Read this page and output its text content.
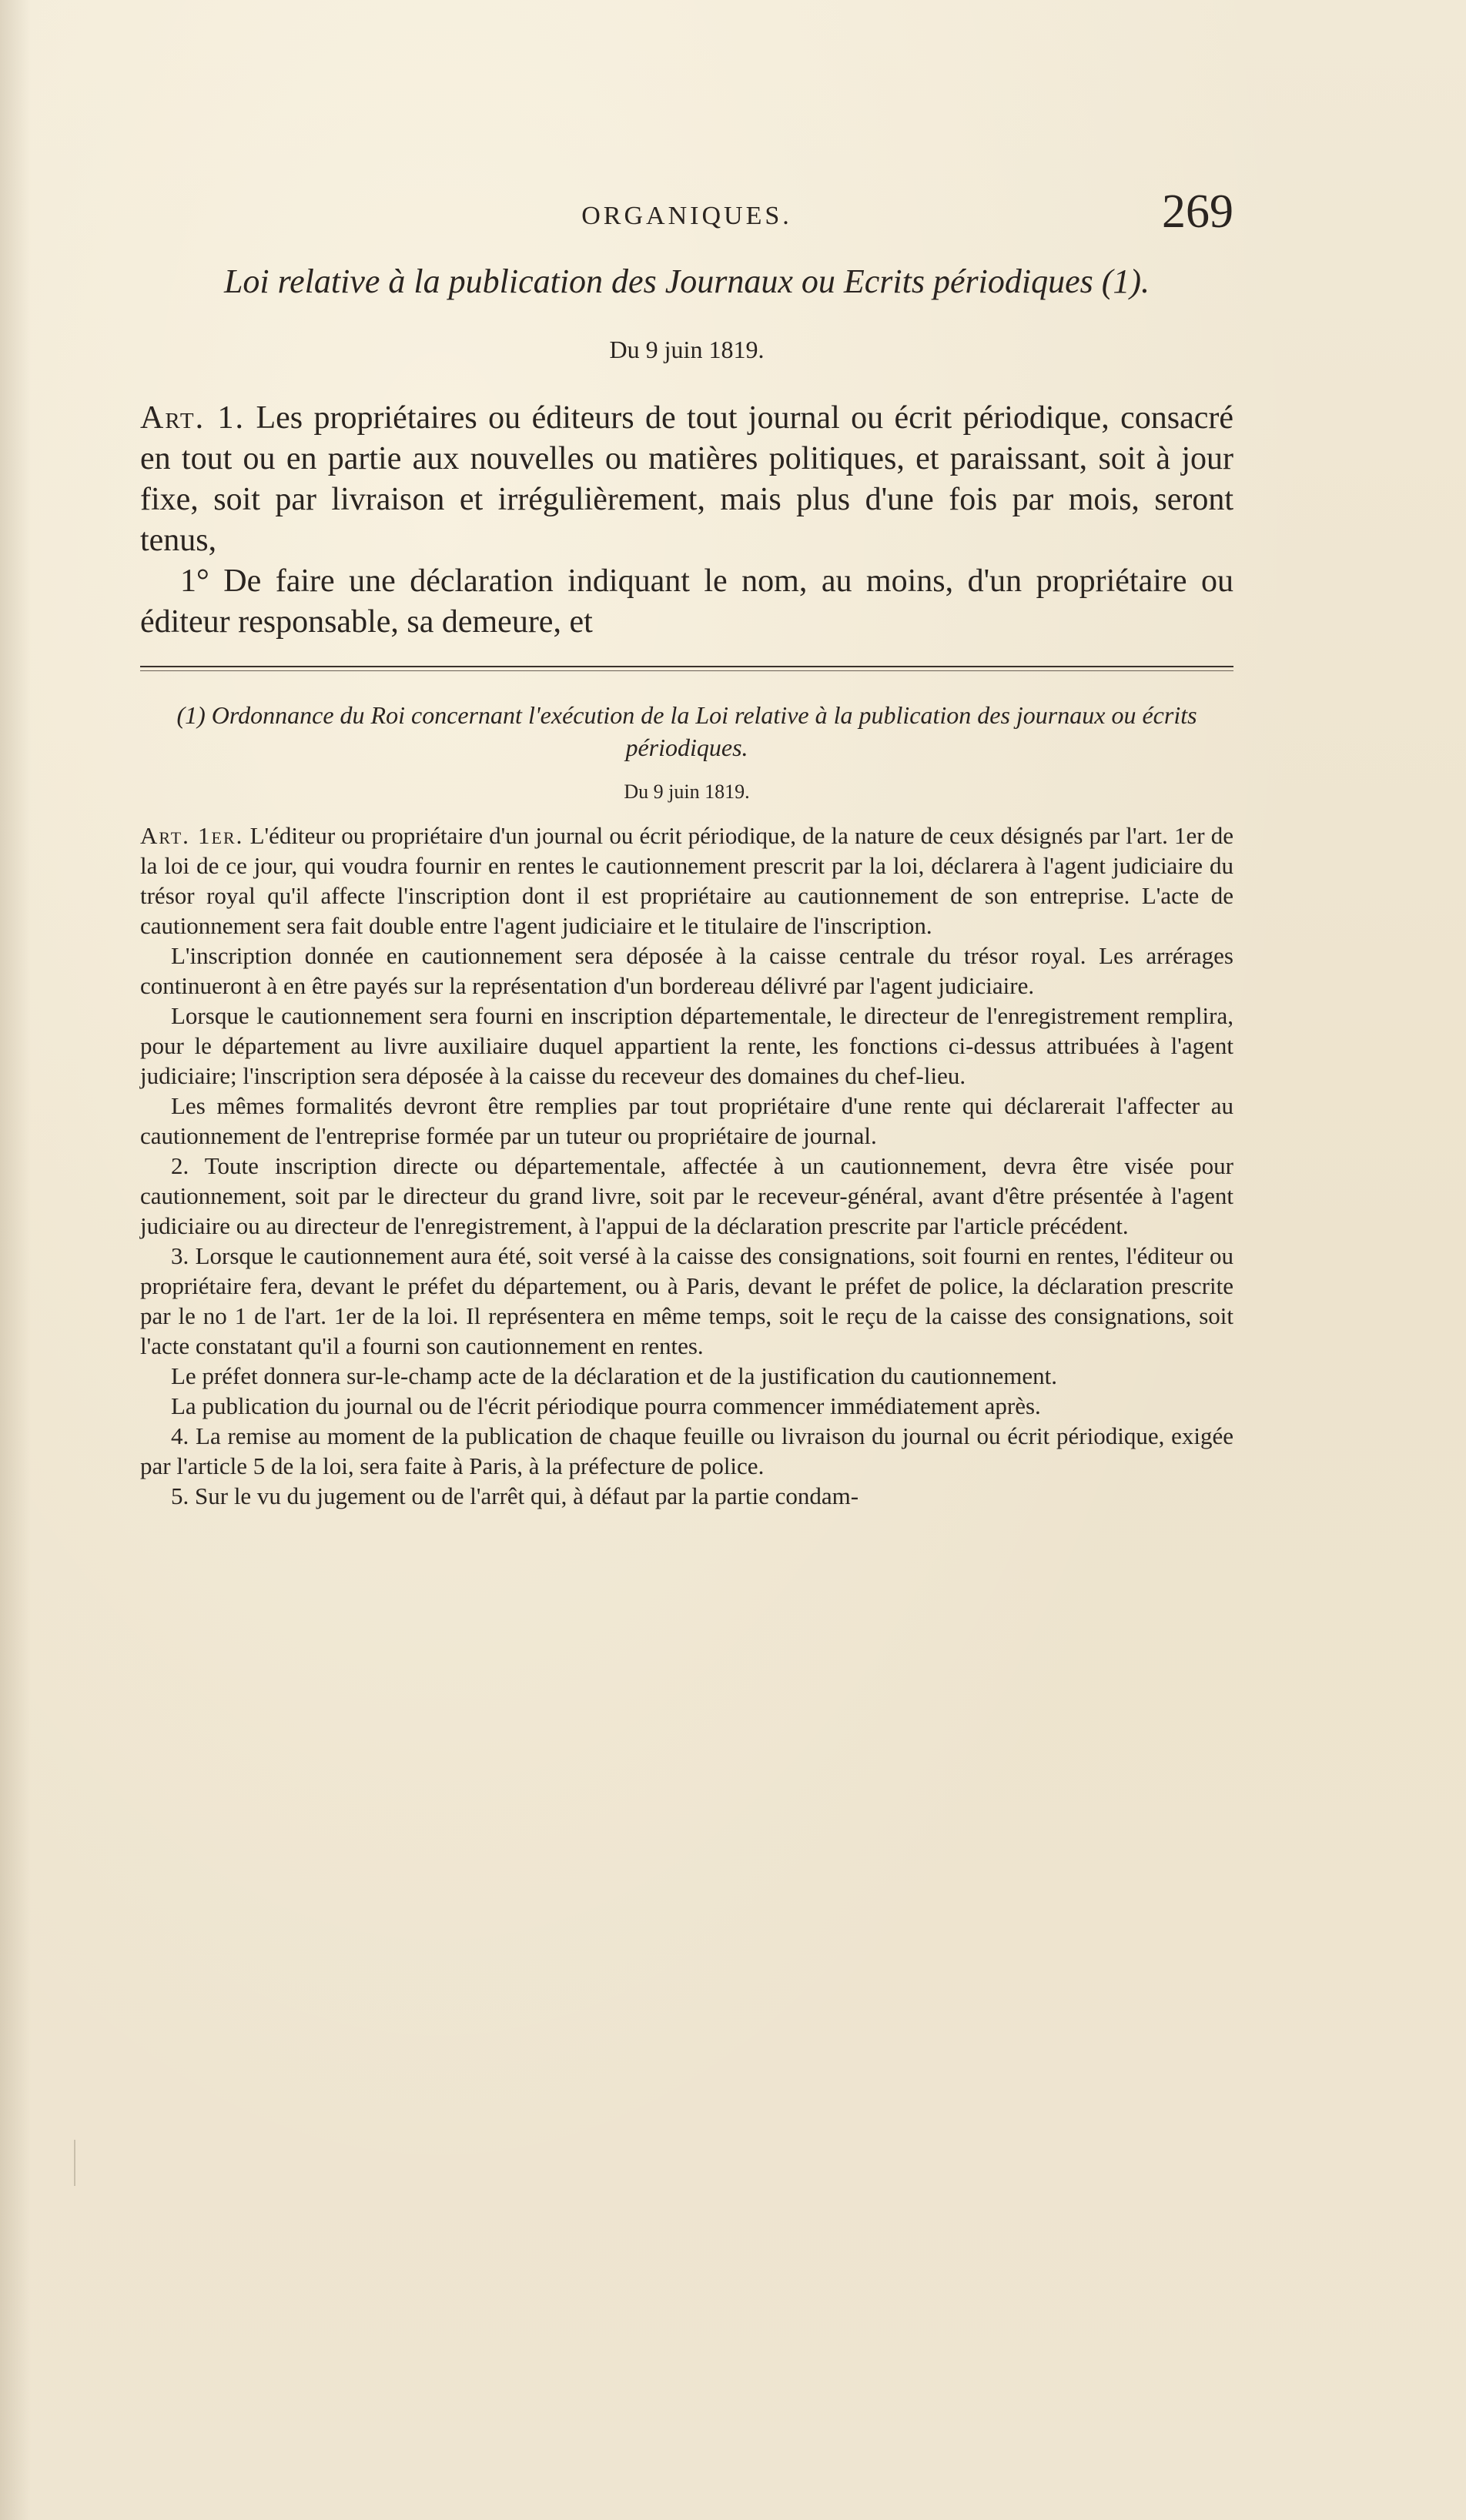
ORGANIQUES.	269
Loi relative à la publication des Journaux ou Ecrits périodiques (1).
Du 9 juin 1819.

Art. 1. Les propriétaires ou éditeurs de tout journal ou écrit périodique, consacré en tout ou en partie aux nouvelles ou matières politiques, et paraissant, soit à jour fixe, soit par livraison et irrégulièrement, mais plus d'une fois par mois, seront tenus,

1° De faire une déclaration indiquant le nom, au moins, d'un propriétaire ou éditeur responsable, sa demeure, et

(1) Ordonnance du Roi concernant l'exécution de la Loi relative à la publication des journaux ou écrits périodiques.
Du 9 juin 1819.

Art. 1er. L'éditeur ou propriétaire d'un journal ou écrit périodique, de la nature de ceux désignés par l'art. 1er de la loi de ce jour, qui voudra fournir en rentes le cautionnement prescrit par la loi, déclarera à l'agent judiciaire du trésor royal qu'il affecte l'inscription dont il est propriétaire au cautionnement de son entreprise. L'acte de cautionnement sera fait double entre l'agent judiciaire et le titulaire de l'inscription.

L'inscription donnée en cautionnement sera déposée à la caisse centrale du trésor royal. Les arrérages continueront à en être payés sur la représentation d'un bordereau délivré par l'agent judiciaire.

Lorsque le cautionnement sera fourni en inscription départementale, le directeur de l'enregistrement remplira, pour le département au livre auxiliaire duquel appartient la rente, les fonctions ci-dessus attribuées à l'agent judiciaire; l'inscription sera déposée à la caisse du receveur des domaines du chef-lieu.

Les mêmes formalités devront être remplies par tout propriétaire d'une rente qui déclarerait l'affecter au cautionnement de l'entreprise formée par un tuteur ou propriétaire de journal.

2. Toute inscription directe ou départementale, affectée à un cautionnement, devra être visée pour cautionnement, soit par le directeur du grand livre, soit par le receveur-général, avant d'être présentée à l'agent judiciaire ou au directeur de l'enregistrement, à l'appui de la déclaration prescrite par l'article précédent.

3. Lorsque le cautionnement aura été, soit versé à la caisse des consignations, soit fourni en rentes, l'éditeur ou propriétaire fera, devant le préfet du département, ou à Paris, devant le préfet de police, la déclaration prescrite par le no 1 de l'art. 1er de la loi. Il représentera en même temps, soit le reçu de la caisse des consignations, soit l'acte constatant qu'il a fourni son cautionnement en rentes.

Le préfet donnera sur-le-champ acte de la déclaration et de la justification du cautionnement.

La publication du journal ou de l'écrit périodique pourra commencer immédiatement après.

4. La remise au moment de la publication de chaque feuille ou livraison du journal ou écrit périodique, exigée par l'article 5 de la loi, sera faite à Paris, à la préfecture de police.

5. Sur le vu du jugement ou de l'arrêt qui, à défaut par la partie condam-
